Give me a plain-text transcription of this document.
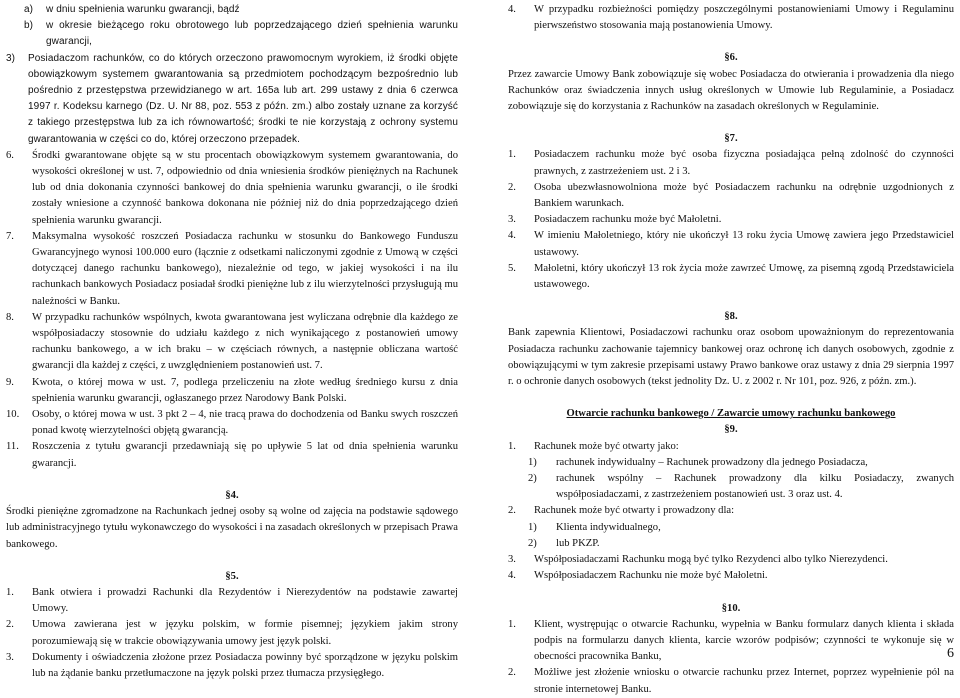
a)	w dniu spełnienia warunku gwarancji, bądź
b)	w okresie bieżącego roku obrotowego lub poprzedzającego dzień spełnienia warunku gwarancji,
3)	Posiadaczom rachunków, co do których orzeczono prawomocnym wyrokiem, iż środki objęte obowiązkowym systemem gwarantowania są przedmiotem pochodzącym bezpośrednio lub pośrednio z przestępstwa przewidzianego w art. 165a lub art. 299 ustawy z dnia 6 czerwca 1997 r. Kodeksu karnego (Dz. U. Nr 88, poz. 553 z późn. zm.) albo zostały uznane za korzyść z takiego przestępstwa lub za ich równowartość; środki te nie korzystają z ochrony systemu gwarantowania w części co do, której orzeczono przepadek.
6.	Środki gwarantowane objęte są w stu procentach obowiązkowym systemem gwarantowania, do wysokości określonej w ust. 7, odpowiednio od dnia wniesienia środków pieniężnych na Rachunek lub od dnia dokonania czynności bankowej do dnia spełnienia warunku gwarancji, o ile środki zostały wniesione a czynność bankowa dokonana nie później niż do dnia poprzedzającego dzień spełnienia warunku gwarancji.
7.	Maksymalna wysokość roszczeń Posiadacza rachunku w stosunku do Bankowego Funduszu Gwarancyjnego wynosi 100.000 euro (łącznie z odsetkami naliczonymi zgodnie z Umową w części dotyczącej danego rachunku bankowego), niezależnie od tego, w jakiej wysokości i na ilu rachunkach bankowych Posiadacz posiadał środki pieniężne lub z ilu wierzytelności przysługują mu należności w Banku.
8.	W przypadku rachunków wspólnych, kwota gwarantowana jest wyliczana odrębnie dla każdego ze współposiadaczy stosownie do udziału każdego z nich wynikającego z postanowień umowy rachunku bankowego, a w ich braku – w częściach równych, a następnie obliczana wartość gwarancji dla każdej z części, z uwzględnieniem postanowień ust. 7.
9.	Kwota, o której mowa w ust. 7, podlega przeliczeniu na złote według średniego kursu z dnia spełnienia warunku gwarancji, ogłaszanego przez Narodowy Bank Polski.
10.	Osoby, o której mowa w ust. 3 pkt 2 – 4, nie tracą prawa do dochodzenia od Banku swych roszczeń ponad kwotę wierzytelności objętą gwarancją.
11.	Roszczenia z tytułu gwarancji przedawniają się po upływie 5 lat od dnia spełnienia warunku gwarancji.

§4.

Środki pieniężne zgromadzone na Rachunkach jednej osoby są wolne od zajęcia na podstawie sądowego lub administracyjnego tytułu wykonawczego do wysokości i na zasadach określonych w przepisach Prawa bankowego.

§5.

1.	Bank otwiera i prowadzi Rachunki dla Rezydentów i Nierezydentów na podstawie zawartej Umowy.
2.	Umowa zawierana jest w języku polskim, w formie pisemnej; językiem jakim strony porozumiewają się w trakcie obowiązywania umowy jest język polski.
3.	Dokumenty i oświadczenia złożone przez Posiadacza powinny być sporządzone w języku polskim lub na żądanie banku przetłumaczone na język polski przez tłumacza przysięgłego.
4.	W przypadku rozbieżności pomiędzy poszczególnymi postanowieniami Umowy i Regulaminu pierwszeństwo stosowania mają postanowienia Umowy.

§6.

Przez zawarcie Umowy Bank zobowiązuje się wobec Posiadacza do otwierania i prowadzenia dla niego Rachunków oraz świadczenia innych usług określonych w Umowie lub Regulaminie, a Posiadacz zobowiązuje się do korzystania z Rachunków na zasadach określonych w Regulaminie.

§7.

1.	Posiadaczem rachunku może być osoba fizyczna posiadająca pełną zdolność do czynności prawnych, z zastrzeżeniem ust. 2 i 3.
2.	Osoba ubezwłasnowolniona może być Posiadaczem rachunku na odrębnie uzgodnionych z Bankiem warunkach.
3.	Posiadaczem rachunku może być Małoletni.
4.	W imieniu Małoletniego, który nie ukończył 13 roku życia Umowę zawiera jego Przedstawiciel ustawowy.
5.	Małoletni, który ukończył 13 rok życia może zawrzeć Umowę, za pisemną zgodą Przedstawiciela ustawowego.

§8.

Bank zapewnia Klientowi, Posiadaczowi rachunku oraz osobom upoważnionym do reprezentowania Posiadacza rachunku zachowanie tajemnicy bankowej oraz ochronę ich danych osobowych, zgodnie z obowiązującymi w tym zakresie przepisami ustawy Prawo bankowe oraz ustawy z dnia 29 sierpnia 1997 r. o ochronie danych osobowych (tekst jednolity Dz. U. z 2002 r. Nr 101, poz. 926, z późn. zm.).

Otwarcie rachunku bankowego / Zawarcie umowy rachunku bankowego

§9.

1.	Rachunek może być otwarty jako:
1)	rachunek indywidualny – Rachunek prowadzony dla jednego Posiadacza,
2)	rachunek wspólny – Rachunek prowadzony dla kilku Posiadaczy, zwanych współposiadaczami, z zastrzeżeniem postanowień ust. 3 oraz ust. 4.
2.	Rachunek może być otwarty i prowadzony dla:
1)	Klienta indywidualnego,
2)	lub PKZP.
3.	Współposiadaczami Rachunku mogą być tylko Rezydenci albo tylko Nierezydenci.
4.	Współposiadaczem Rachunku nie może być Małoletni.

§10.

1.	Klient, wystrępując o otwarcie Rachunku, wypełnia w Banku formularz danych klienta i składa podpis na formularzu danych klienta, karcie wzorów podpisów; czynności te wykonuje się w obecności pracownika Banku,
2.	Możliwe jest złożenie wniosku o otwarcie rachunku przez Internet, poprzez wypełnienie pól na stronie internetowej Banku.
6
